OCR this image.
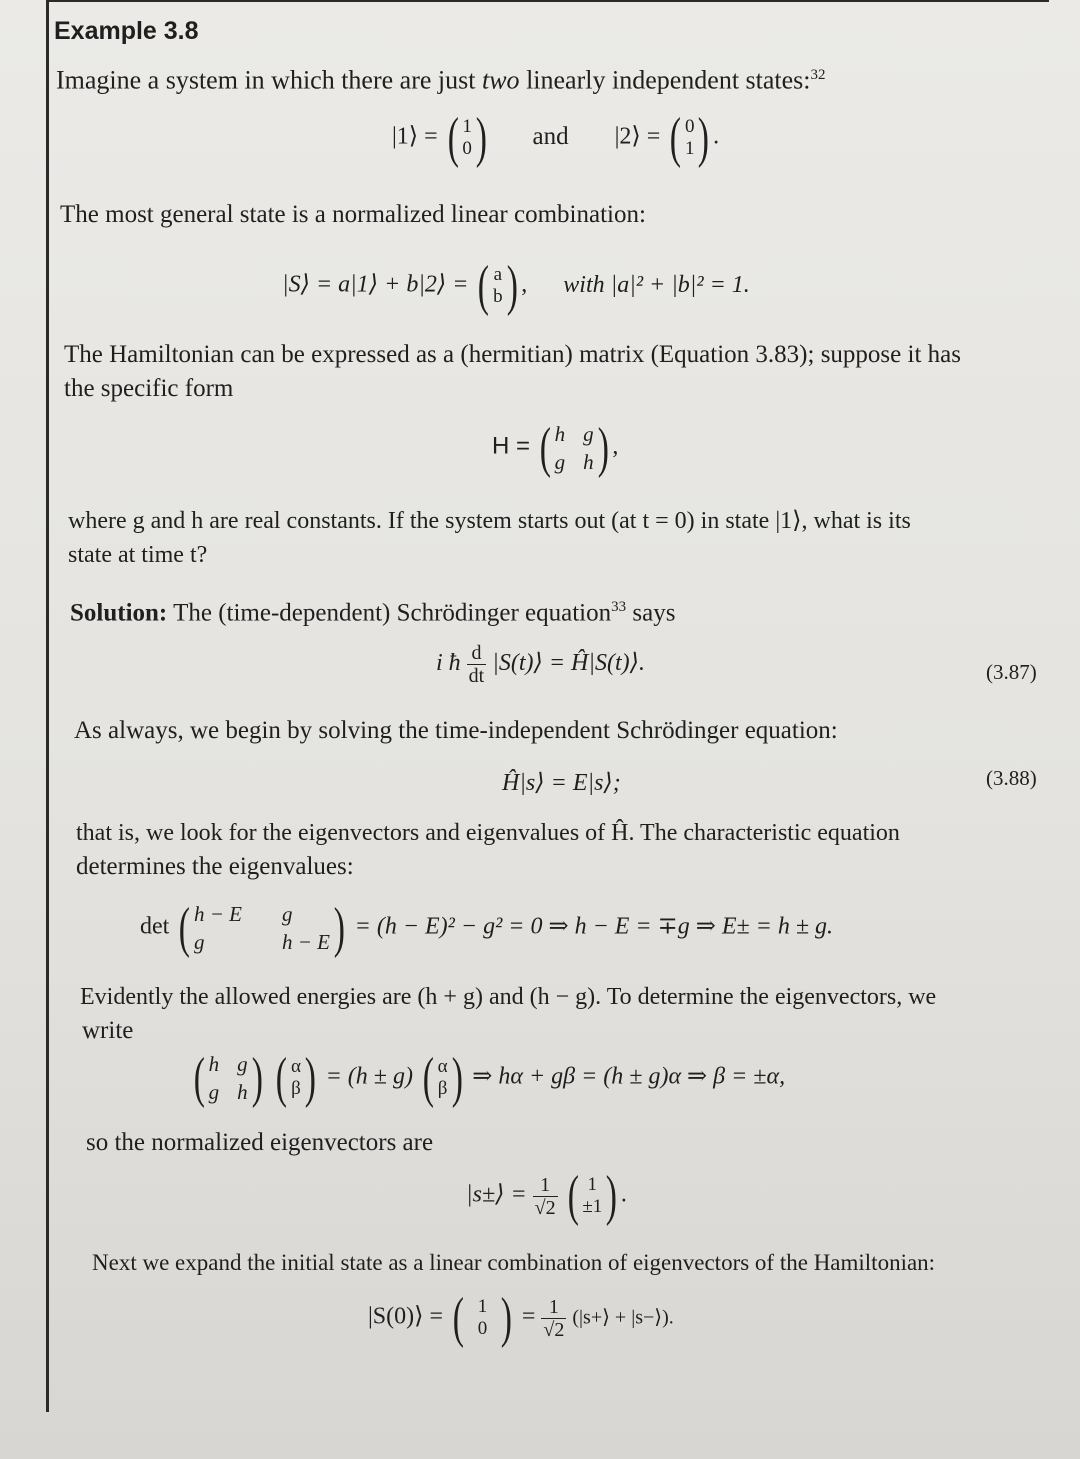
Example 3.8
Imagine a system in which there are just two linearly independent states:$^{32}$
|1⟩ = ( 1
0 ) and |2⟩ = ( 0
1 ) .
The most general state is a normalized linear combination:
|S⟩ = a|1⟩ + b|2⟩ = ( a
b ) , with |a|² + |b|² = 1.
The Hamiltonian can be expressed as a (hermitian) matrix (Equation 3.83); suppose it has
the specific form
H = ( h g
g h ) ,
where g and h are real constants. If the system starts out (at t = 0) in state |1⟩, what is its
state at time t?
Solution: The (time-dependent) Schrödinger equation$^{33}$ says
i ħ $\frac{d}{dt}$ |S(t)⟩ = Ĥ|S(t)⟩.	(3.87)
As always, we begin by solving the time-independent Schrödinger equation:
Ĥ|s⟩ = E|s⟩;	(3.88)
that is, we look for the eigenvectors and eigenvalues of Ĥ. The characteristic equation
determines the eigenvalues:
det ( h − E g
g	h − E ) = (h − E)² − g² = 0 ⇒ h − E = ∓g ⇒ E± = h ± g.
Evidently the allowed energies are (h + g) and (h − g). To determine the eigenvectors, we
write
( h g
g h ) ( α
β ) = (h ± g) ( α
β ) ⇒ hα + gβ = (h ± g)α ⇒ β = ±α,
so the normalized eigenvectors are
|s±⟩ = $\frac{1}{√2}$ ( 1
±1 ) .
Next we expand the initial state as a linear combination of eigenvectors of the Hamiltonian:
|S(0)⟩ = ( 1
0 ) = $\frac{1}{√2}$ (|s+⟩ + |s−⟩).
